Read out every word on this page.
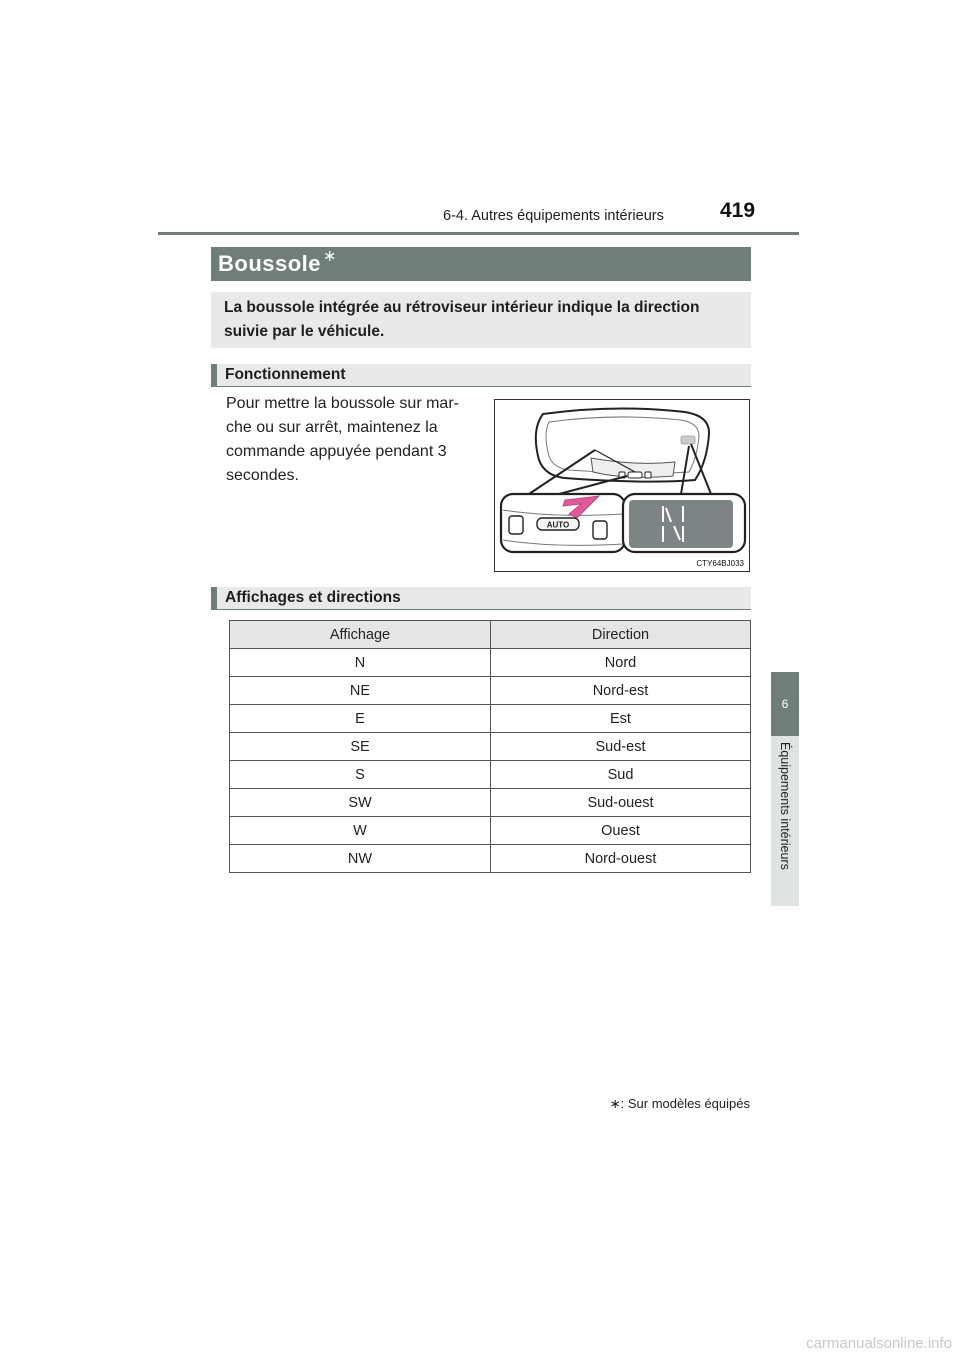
6-4. Autres équipements intérieurs	419
6
Équipements intérieurs
Boussole ∗
La boussole intégrée au rétroviseur intérieur indique la direction suivie par le véhicule.
Fonctionnement
Pour mettre la boussole sur mar-
che ou sur arrêt, maintenez la
commande appuyée pendant 3
secondes.
AUTO
CTY64BJ033
Affichages et directions
Affichage	Direction
N	Nord
NE	Nord-est
E	Est
SE	Sud-est
S	Sud
SW	Sud-ouest
W	Ouest
NW	Nord-ouest
∗: Sur modèles équipés
carmanualsonline.info
